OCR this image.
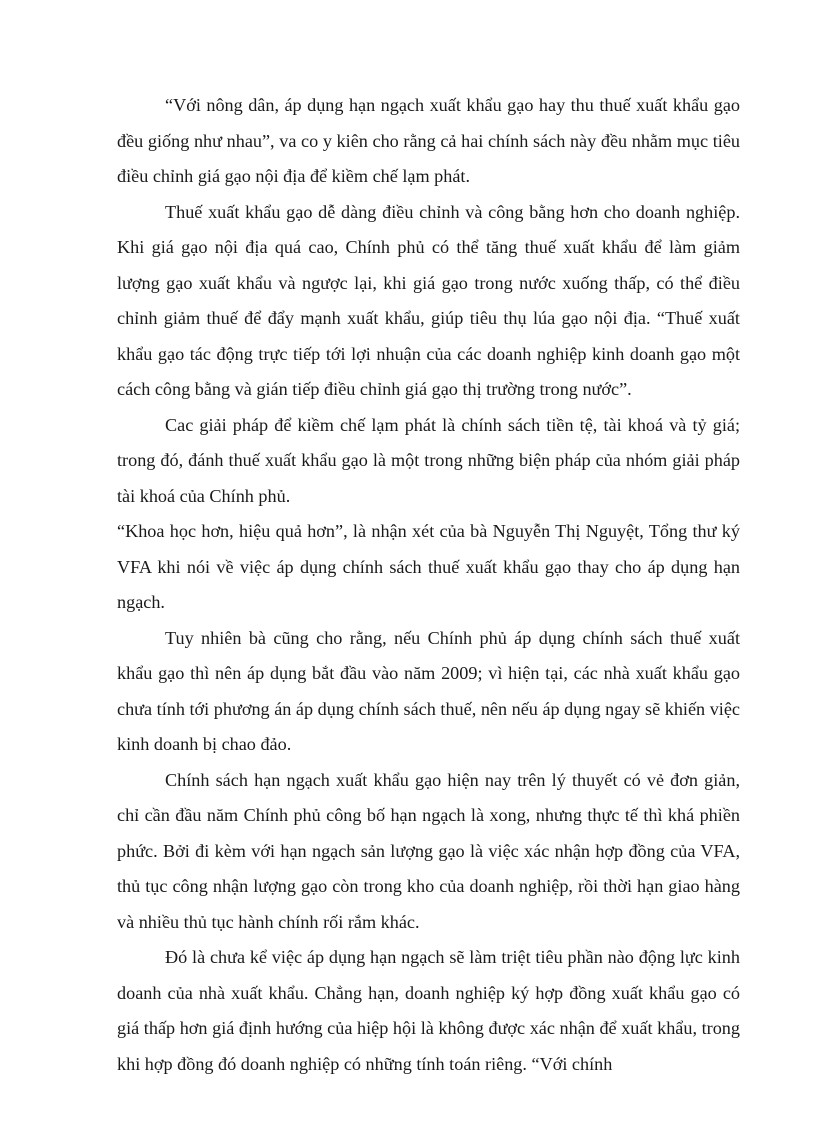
“Với nông dân, áp dụng hạn ngạch xuất khẩu gạo hay thu thuế xuất khẩu gạo đều giống như nhau”, va co y kiên cho rằng cả hai chính sách này đều nhằm mục tiêu điều chỉnh giá gạo nội địa để kiềm chế lạm phát.

Thuế xuất khẩu gạo dễ dàng điều chỉnh và công bằng hơn cho doanh nghiệp. Khi giá gạo nội địa quá cao, Chính phủ có thể tăng thuế xuất khẩu để làm giảm lượng gạo xuất khẩu và ngược lại, khi giá gạo trong nước xuống thấp, có thể điều chỉnh giảm thuế để đẩy mạnh xuất khẩu, giúp tiêu thụ lúa gạo nội địa. “Thuế xuất khẩu gạo tác động trực tiếp tới lợi nhuận của các doanh nghiệp kinh doanh gạo một cách công bằng và gián tiếp điều chỉnh giá gạo thị trường trong nước”.

Cac giải pháp để kiềm chế lạm phát là chính sách tiền tệ, tài khoá và tỷ giá; trong đó, đánh thuế xuất khẩu gạo là một trong những biện pháp của nhóm giải pháp tài khoá của Chính phủ.

“Khoa học hơn, hiệu quả hơn”, là nhận xét của bà Nguyễn Thị Nguyệt, Tổng thư ký VFA khi nói về việc áp dụng chính sách thuế xuất khẩu gạo thay cho áp dụng hạn ngạch.

Tuy nhiên bà cũng cho rằng, nếu Chính phủ áp dụng chính sách thuế xuất khẩu gạo thì nên áp dụng bắt đầu vào năm 2009; vì hiện tại, các nhà xuất khẩu gạo chưa tính tới phương án áp dụng chính sách thuế, nên nếu áp dụng ngay sẽ khiến việc kinh doanh bị chao đảo.

Chính sách hạn ngạch xuất khẩu gạo hiện nay trên lý thuyết có vẻ đơn giản, chỉ cần đầu năm Chính phủ công bố hạn ngạch là xong, nhưng thực tế thì khá phiền phức. Bởi đi kèm với hạn ngạch sản lượng gạo là việc xác nhận hợp đồng của VFA, thủ tục công nhận lượng gạo còn trong kho của doanh nghiệp, rồi thời hạn giao hàng và nhiều thủ tục hành chính rối rắm khác.

Đó là chưa kể việc áp dụng hạn ngạch sẽ làm triệt tiêu phần nào động lực kinh doanh của nhà xuất khẩu. Chẳng hạn, doanh nghiệp ký hợp đồng xuất khẩu gạo có giá thấp hơn giá định hướng của hiệp hội là không được xác nhận để xuất khẩu, trong khi hợp đồng đó doanh nghiệp có những tính toán riêng. “Với chính
